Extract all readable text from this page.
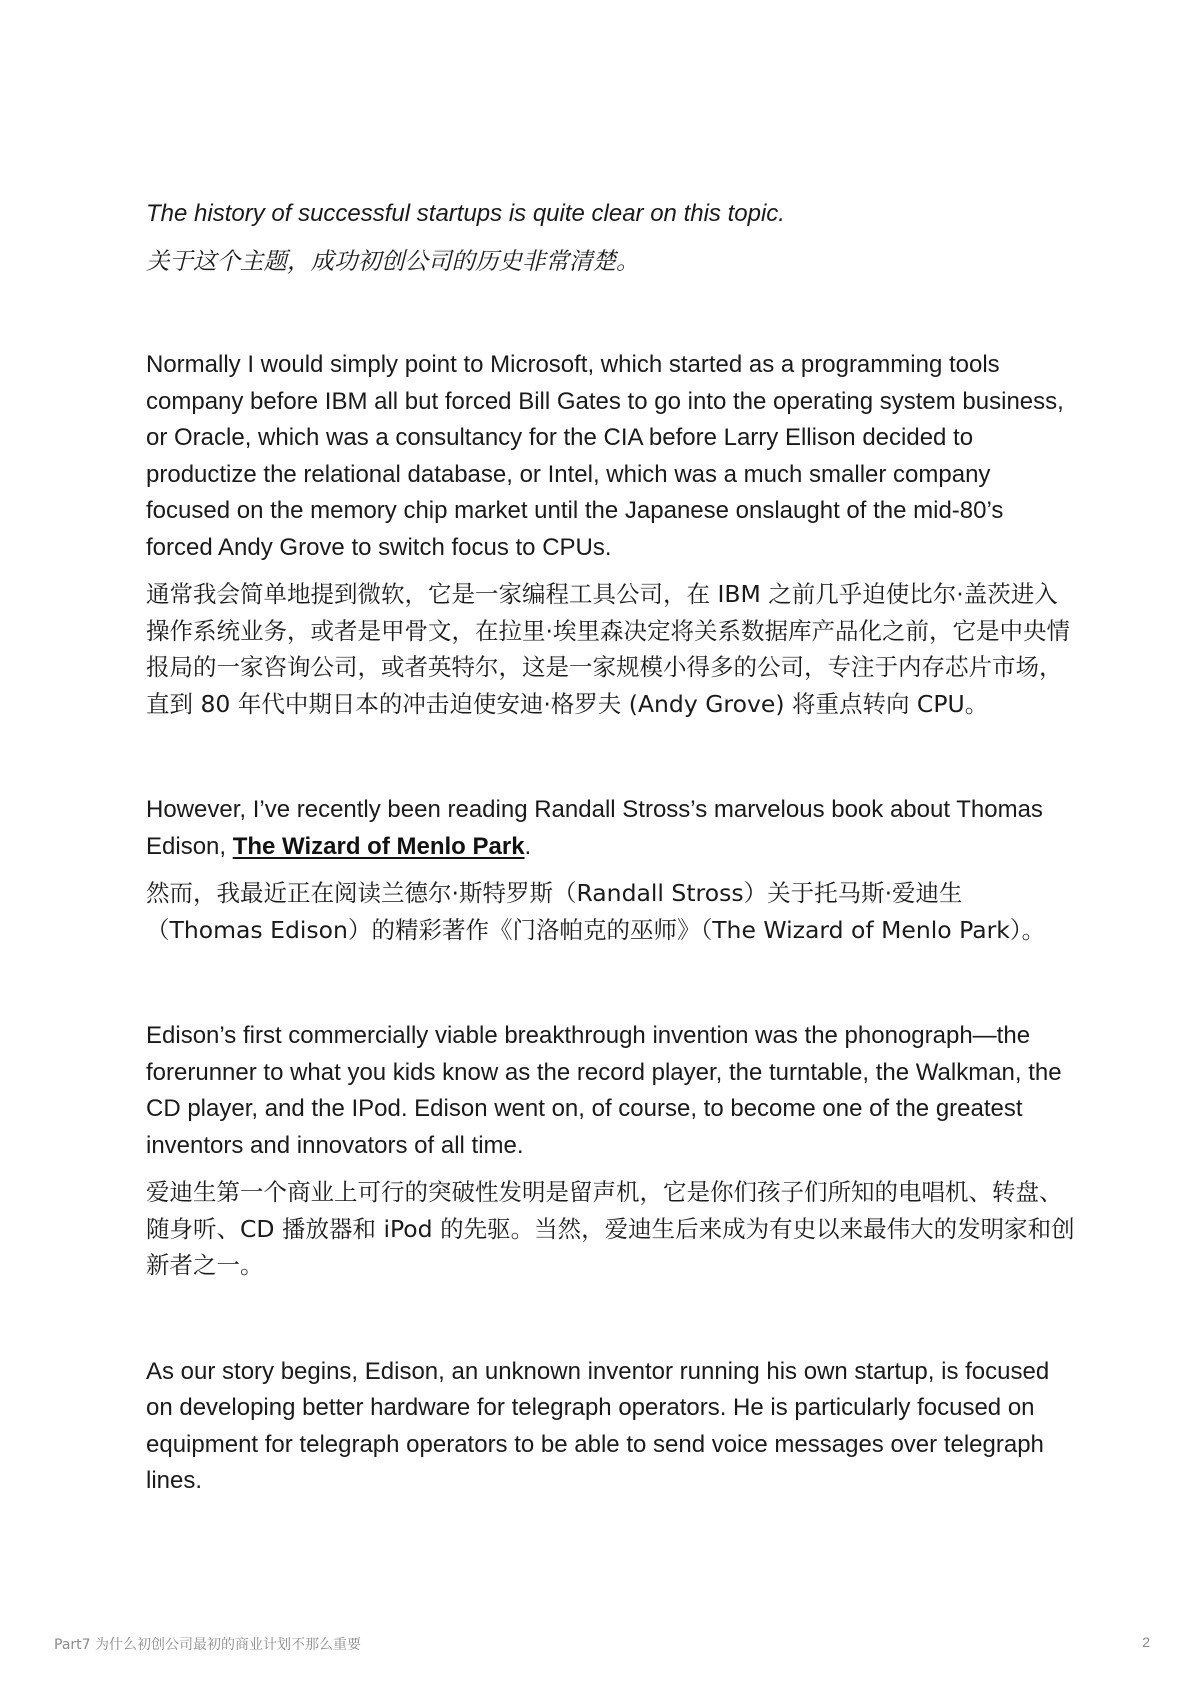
The history of successful startups is quite clear on this topic.

关于这个主题，成功初创公司的历史非常清楚。

Normally I would simply point to Microsoft, which started as a programming tools company before IBM all but forced Bill Gates to go into the operating system business, or Oracle, which was a consultancy for the CIA before Larry Ellison decided to productize the relational database, or Intel, which was a much smaller company focused on the memory chip market until the Japanese onslaught of the mid-80’s forced Andy Grove to switch focus to CPUs.

通常我会简单地提到微软，它是一家编程工具公司，在 IBM 之前几乎迫使比尔·盖茨进入操作系统业务，或者是甲骨文，在拉里·埃里森决定将关系数据库产品化之前，它是中央情报局的一家咨询公司，或者英特尔，这是一家规模小得多的公司，专注于内存芯片市场，直到 80 年代中期日本的冲击迫使安迪·格罗夫 (Andy Grove) 将重点转向 CPU。

However, I’ve recently been reading Randall Stross’s marvelous book about Thomas Edison, The Wizard of Menlo Park.

然而，我最近正在阅读兰德尔·斯特罗斯（Randall Stross）关于托马斯·爱迪生（Thomas Edison）的精彩著作《门洛帕克的巫师》（The Wizard of Menlo Park）。

Edison’s first commercially viable breakthrough invention was the phonograph—the forerunner to what you kids know as the record player, the turntable, the Walkman, the CD player, and the IPod. Edison went on, of course, to become one of the greatest inventors and innovators of all time.

爱迪生第一个商业上可行的突破性发明是留声机，它是你们孩子们所知的电唱机、转盘、随身听、CD 播放器和 iPod 的先驱。当然，爱迪生后来成为有史以来最伟大的发明家和创新者之一。

As our story begins, Edison, an unknown inventor running his own startup, is focused on developing better hardware for telegraph operators. He is particularly focused on equipment for telegraph operators to be able to send voice messages over telegraph lines.

Part7 为什么初创公司最初的商业计划不那么重要	2
